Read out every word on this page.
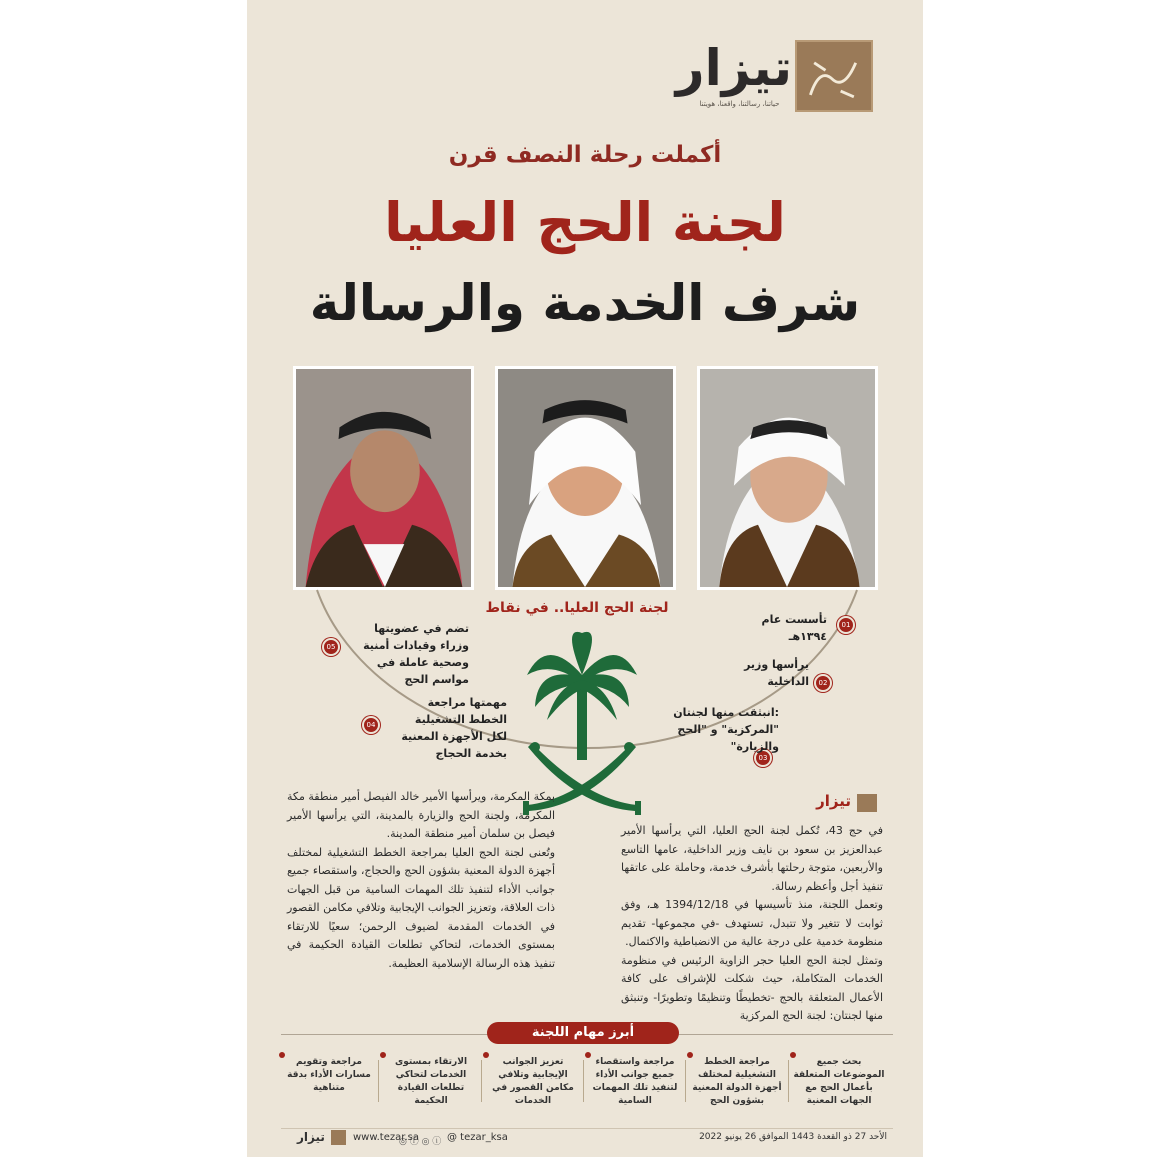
تيزار
حياتنا، رسالتنا، واقعنا، هويتنا
أكملت رحلة النصف قرن
لجنة الحج العليا
شرف الخدمة والرسالة
لجنة الحج العليا.. في نقاط
01
تأسست عام ١٣٩٤هـ
02
يرأسها وزير الداخلية
03
:انبثقت منها لجنتان "المركزية" و "الحج والزيارة"
04
مهمتها مراجعة الخطط التشغيلية لكل الأجهزة المعنية بخدمة الحجاج
05
تضم في عضويتها وزراء وقيادات أمنية وصحية عاملة في مواسم الحج
تيزار

في حج 43، تُكمل لجنة الحج العليا، التي يرأسها الأمير عبدالعزيز بن سعود بن نايف وزير الداخلية، عامها التاسع والأربعين، متوجة رحلتها بأشرف خدمة، وحاملة على عاتقها تنفيذ أجل وأعظم رسالة.

وتعمل اللجنة، منذ تأسيسها في 1394/12/18 هـ، وفق ثوابت لا تتغير ولا تتبدل، تستهدف -في مجموعها- تقديم منظومة خدمية على درجة عالية من الانضباطية والاكتمال.

وتمثل لجنة الحج العليا حجر الزاوية الرئيس في منظومة الخدمات المتكاملة، حيث شكلت للإشراف على كافة الأعمال المتعلقة بالحج -تخطيطًا وتنظيمًا وتطويرًا- وتنبثق منها لجنتان: لجنة الحج المركزية

بمكة المكرمة، ويرأسها الأمير خالد الفيصل أمير منطقة مكة المكرمة، ولجنة الحج والزيارة بالمدينة، التي يرأسها الأمير فيصل بن سلمان أمير منطقة المدينة.

وتُعنى لجنة الحج العليا بمراجعة الخطط التشغيلية لمختلف أجهزة الدولة المعنية بشؤون الحج والحجاج، واستقصاء جميع جوانب الأداء لتنفيذ تلك المهمات السامية من قبل الجهات ذات العلاقة، وتعزيز الجوانب الإيجابية وتلافي مكامن القصور في الخدمات المقدمة لضيوف الرحمن؛ سعيًا للارتقاء بمستوى الخدمات، لتحاكي تطلعات القيادة الحكيمة في تنفيذ هذه الرسالة الإسلامية العظيمة.

أبرز مهام اللجنة
بحث جميع الموضوعات المتعلقة بأعمال الحج مع الجهات المعنية
مراجعة الخطط التشغيلية لمختلف أجهزة الدولة المعنية بشؤون الحج
مراجعة واستقصاء جميع جوانب الأداء لتنفيذ تلك المهمات السامية
تعزيز الجوانب الإيجابية وتلافي مكامن القصور في الخدمات
الارتقاء بمستوى الخدمات لتحاكي تطلعات القيادة الحكيمة
مراجعة وتقويم مسارات الأداء بدقة متناهية
الأحد 27 ذو القعدة 1443 الموافق 26 يونيو 2022
@ tezar_ksa
◎ ⓕ ◎ ⓘ
www.tezar.sa
تيزار
